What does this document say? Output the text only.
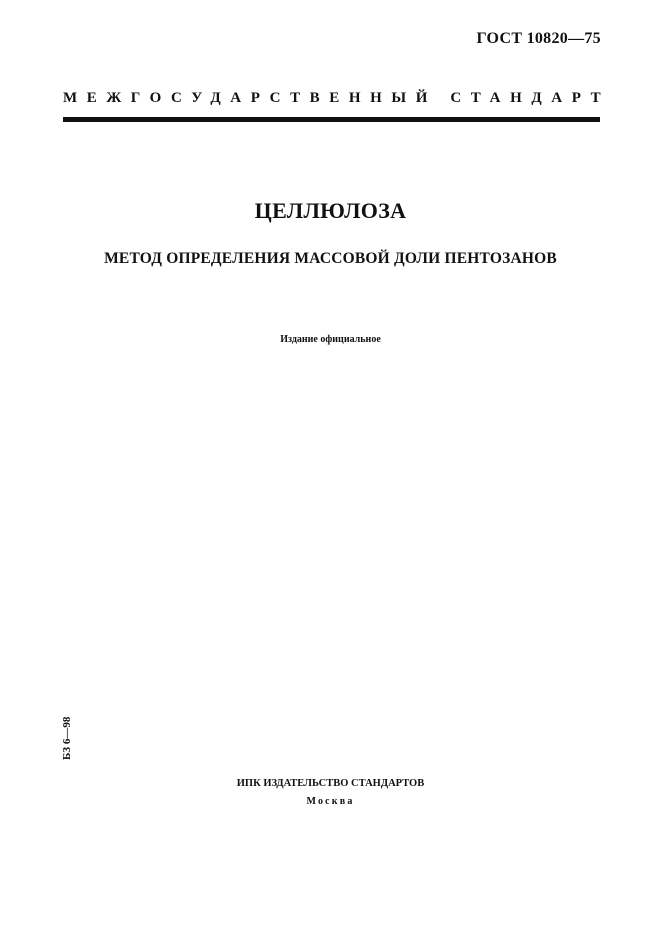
ГОСТ 10820—75
МЕЖГОСУДАРСТВЕННЫЙ СТАНДАРТ
ЦЕЛЛЮЛОЗА
МЕТОД ОПРЕДЕЛЕНИЯ МАССОВОЙ ДОЛИ ПЕНТОЗАНОВ
Издание официальное
БЗ 6—98
ИПК ИЗДАТЕЛЬСТВО СТАНДАРТОВ
Москва
